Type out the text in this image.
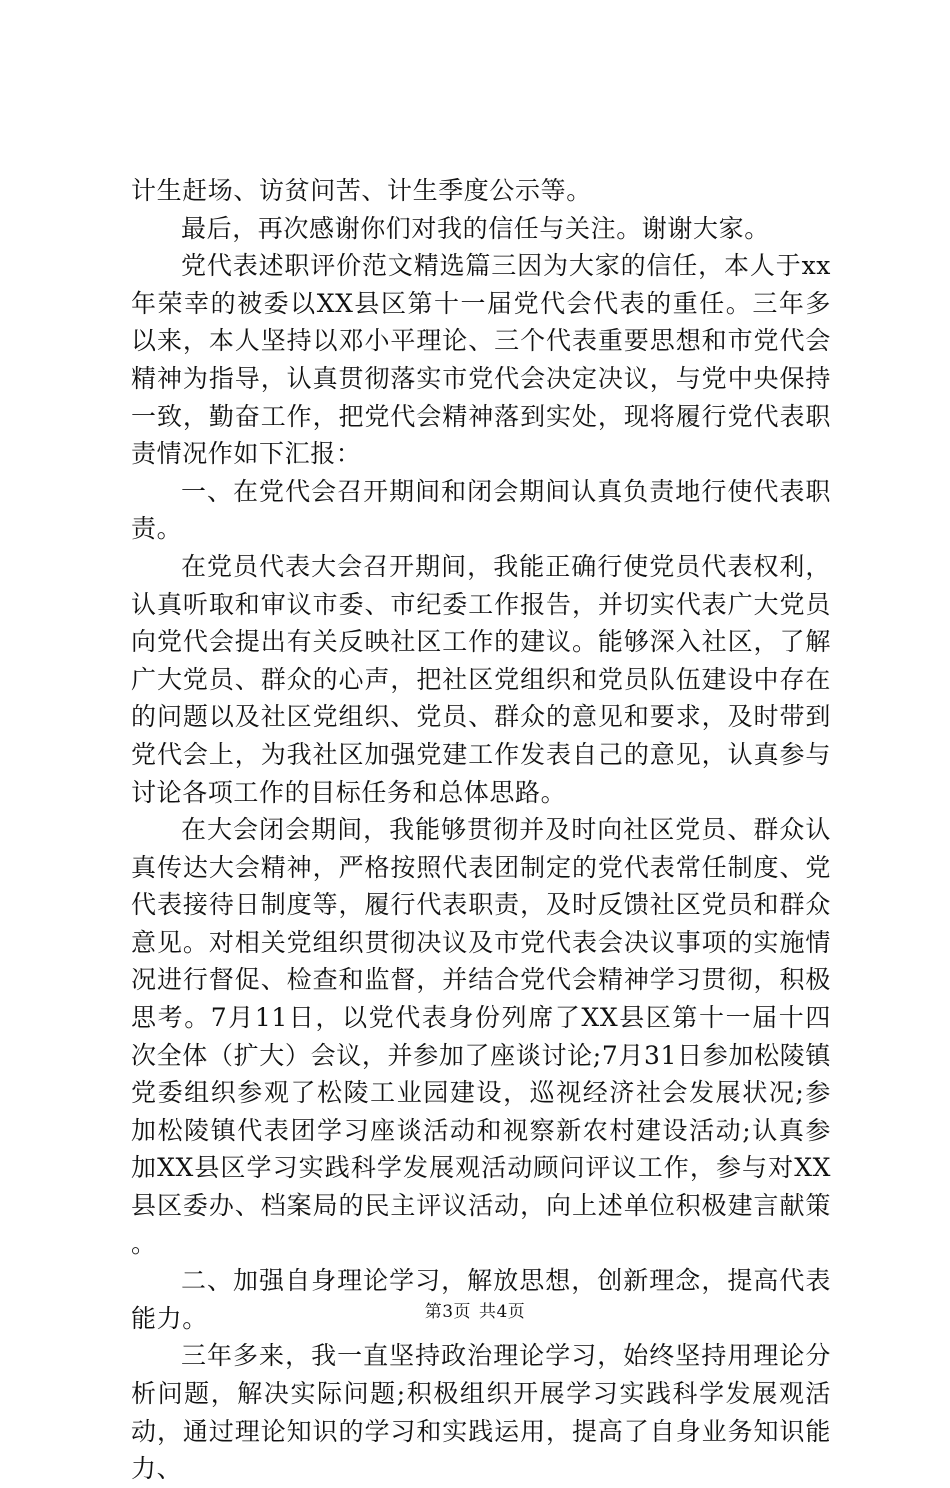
计生赶场、访贫问苦、计生季度公示等。

最后，再次感谢你们对我的信任与关注。谢谢大家。

党代表述职评价范文精选篇三因为大家的信任，本人于xx年荣幸的被委以XX县区第十一届党代会代表的重任。三年多以来，本人坚持以邓小平理论、三个代表重要思想和市党代会精神为指导，认真贯彻落实市党代会决定决议，与党中央保持一致，勤奋工作，把党代会精神落到实处，现将履行党代表职责情况作如下汇报：

一、在党代会召开期间和闭会期间认真负责地行使代表职责。

在党员代表大会召开期间，我能正确行使党员代表权利，认真听取和审议市委、市纪委工作报告，并切实代表广大党员向党代会提出有关反映社区工作的建议。能够深入社区，了解广大党员、群众的心声，把社区党组织和党员队伍建设中存在的问题以及社区党组织、党员、群众的意见和要求，及时带到党代会上，为我社区加强党建工作发表自己的意见，认真参与讨论各项工作的目标任务和总体思路。

在大会闭会期间，我能够贯彻并及时向社区党员、群众认真传达大会精神，严格按照代表团制定的党代表常任制度、党代表接待日制度等，履行代表职责，及时反馈社区党员和群众意见。对相关党组织贯彻决议及市党代表会决议事项的实施情况进行督促、检查和监督，并结合党代会精神学习贯彻，积极思考。7月11日，以党代表身份列席了XX县区第十一届十四次全体（扩大）会议，并参加了座谈讨论;7月31日参加松陵镇党委组织参观了松陵工业园建设，巡视经济社会发展状况;参加松陵镇代表团学习座谈活动和视察新农村建设活动;认真参加XX县区学习实践科学发展观活动顾问评议工作，参与对XX县区委办、档案局的民主评议活动，向上述单位积极建言献策。

二、加强自身理论学习，解放思想，创新理念，提高代表能力。

三年多来，我一直坚持政治理论学习，始终坚持用理论分析问题，解决实际问题;积极组织开展学习实践科学发展观活动，通过理论知识的学习和实践运用，提高了自身业务知识能力、

第3页 共4页
